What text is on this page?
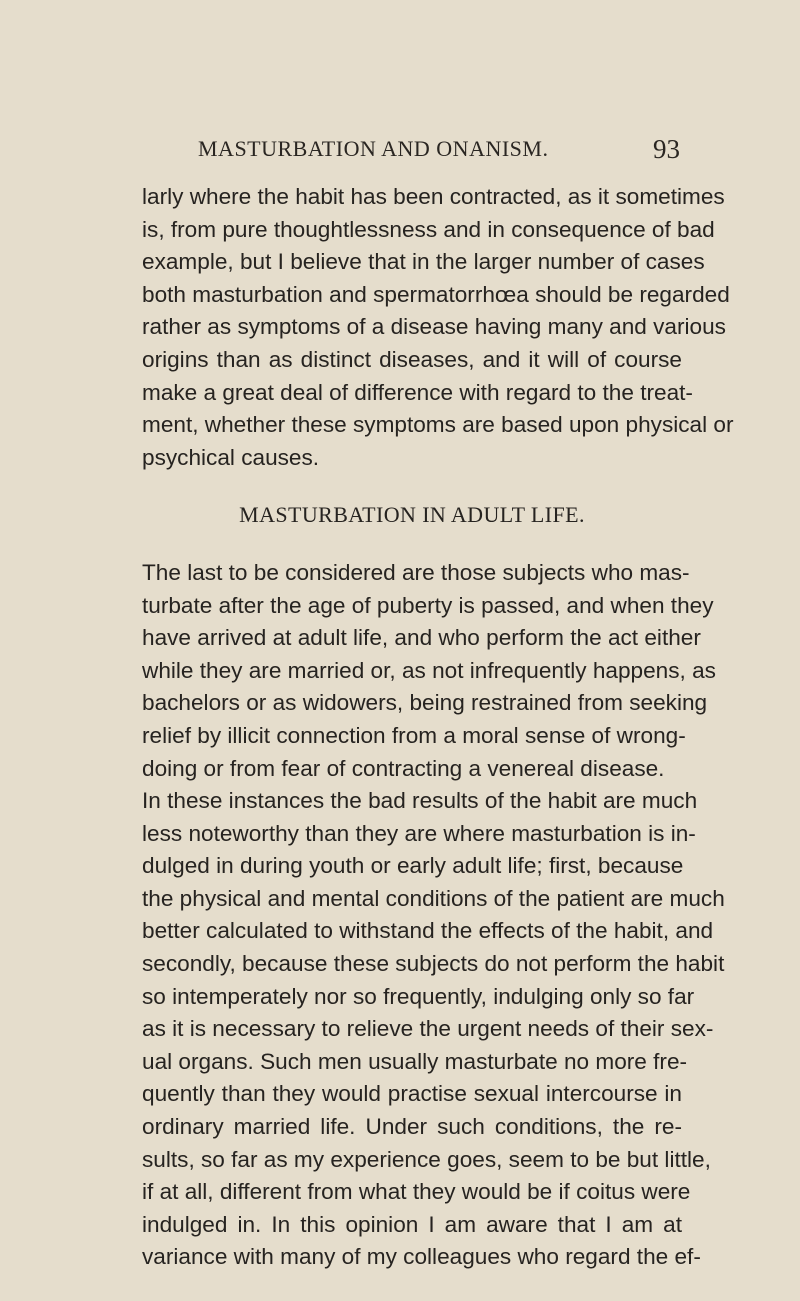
MASTURBATION AND ONANISM.	93
larly where the habit has been contracted, as it sometimes
is, from pure thoughtlessness and in consequence of bad
example, but I believe that in the larger number of cases
both masturbation and spermatorrhœa should be regarded
rather as symptoms of a disease having many and various
origins than as distinct diseases, and it will of course
make a great deal of difference with regard to the treat-
ment, whether these symptoms are based upon physical or
psychical causes.
MASTURBATION IN ADULT LIFE.
The last to be considered are those subjects who mas-
turbate after the age of puberty is passed, and when they
have arrived at adult life, and who perform the act either
while they are married or, as not infrequently happens, as
bachelors or as widowers, being restrained from seeking
relief by illicit connection from a moral sense of wrong-
doing or from fear of contracting a venereal disease.
In these instances the bad results of the habit are much
less noteworthy than they are where masturbation is in-
dulged in during youth or early adult life; first, because
the physical and mental conditions of the patient are much
better calculated to withstand the effects of the habit, and
secondly, because these subjects do not perform the habit
so intemperately nor so frequently, indulging only so far
as it is necessary to relieve the urgent needs of their sex-
ual organs. Such men usually masturbate no more fre-
quently than they would practise sexual intercourse in
ordinary married life. Under such conditions, the re-
sults, so far as my experience goes, seem to be but little,
if at all, different from what they would be if coitus were
indulged in. In this opinion I am aware that I am at
variance with many of my colleagues who regard the ef-
